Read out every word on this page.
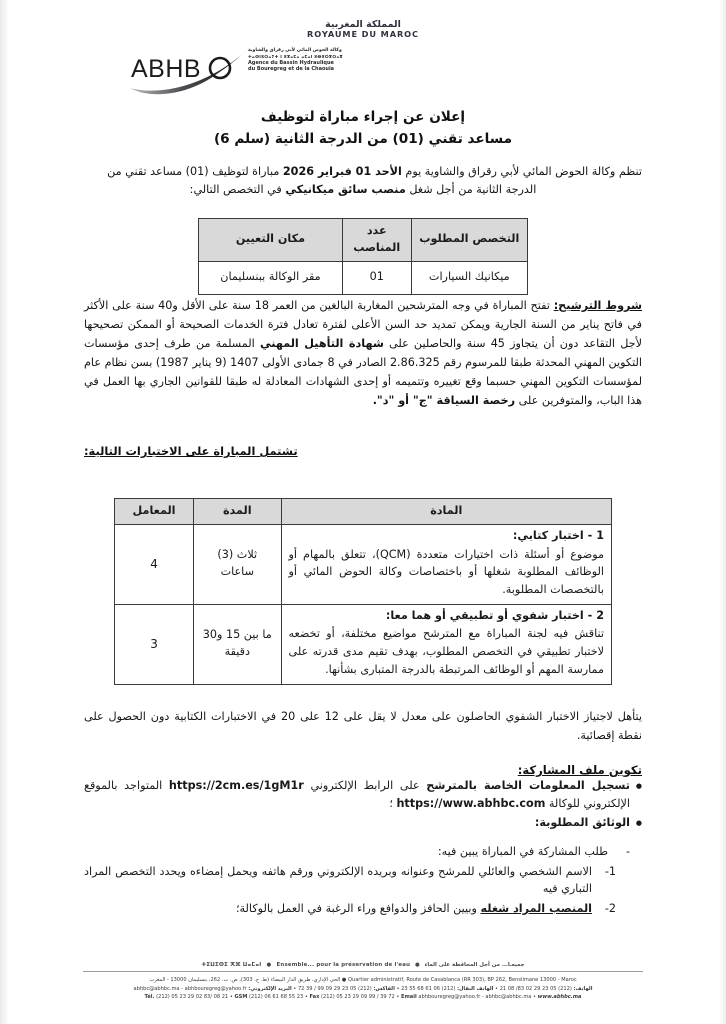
المملكة المغربية
ROYAUME DU MAROC
ABHB
وكالة الحوض المائي لأبي رقراق والشاوية
ⵜⴰⵙⵏⵓⵔⴰⵢⵜ ⵏ ⵓⴳⴰⵎⴰ ⴰⵎⴰⵏ ⵓⴱⵓⵔⴳⵔⴰⴳ
Agence du Bassin Hydraulique
du Bouregreg et de la Chaouia
إعلان عن إجراء مباراة لتوظيف
مساعد تقني (01) من الدرجة الثانية (سلم 6)
تنظم وكالة الحوض المائي لأبي رقراق والشاوية يوم الأحد 01 فبراير 2026 مباراة لتوظيف (01) مساعد تقني من الدرجة الثانية من أجل شغل منصب سائق ميكانيكي في التخصص التالي:
التخصص المطلوب	عدد المناصب	مكان التعيين
ميكانيك السيارات	01	مقر الوكالة ببنسليمان
شروط الترشيح: تفتح المباراة في وجه المترشحين المغاربة البالغين من العمر 18 سنة على الأقل و40 سنة على الأكثر في فاتح يناير من السنة الجارية ويمكن تمديد حد السن الأعلى لفترة تعادل فترة الخدمات الصحيحة أو الممكن تصحيحها لأجل التقاعد دون أن يتجاوز 45 سنة والحاصلين على شهادة التأهيل المهني المسلمة من طرف إحدى مؤسسات التكوين المهني المحدثة طبقا للمرسوم رقم 2.86.325 الصادر في 8 جمادى الأولى 1407 (9 يناير 1987) بسن نظام عام لمؤسسات التكوين المهني حسبما وقع تغييره وتتميمه أو إحدى الشهادات المعادلة له طبقا للقوانين الجاري بها العمل في هذا الباب، والمتوفرين على رخصة السياقة "ج" أو "د".
تشتمل المباراة على الاختبارات التالية:
المادة	المدة	المعامل

1 - اختبار كتابي:
موضوع أو أسئلة ذات اختيارات متعددة (QCM)، تتعلق بالمهام أو الوظائف المطلوبة شغلها أو باختصاصات وكالة الحوض المائي أو بالتخصصات المطلوبة.	ثلاث (3) ساعات	4

2 - اختبار شفوي أو تطبيقي أو هما معا:
تناقش فيه لجنة المباراة مع المترشح مواضيع مختلفة، أو تخضعه لاختبار تطبيقي في التخصص المطلوب، بهدف تقيم مدى قدرته على ممارسة المهم أو الوظائف المرتبطة بالدرجة المتبارى بشأنها.	ما بين 15 و30 دقيقة	3
يتأهل لاجتياز الاختبار الشفوي الحاصلون على معدل لا يقل على 12 على 20 في الاختبارات الكتابية دون الحصول على نقطة إقصائية.
تكوين ملف المشاركة:
● تسجيل المعلومات الخاصة بالمترشح على الرابط الإلكتروني https://2cm.es/1gM1r المتواجد بالموقع الإلكتروني للوكالة https://www.abhbc.com ؛
● الوثائق المطلوبة:
-
طلب المشاركة في المباراة يبين فيه:
1-
الاسم الشخصي والعائلي للمرشح وعنوانه وبريده الإلكتروني ورقم هاتفه ويحمل إمضاءه ويحدد التخصص المراد التباري فيه
2-
المنصب المراد شغله وبيين الحافز والدوافع وراء الرغبة في العمل بالوكالة؛
جميعـا... من أجل المحافظة على الماء ● ⵜⵉⵡⵉⵙⵉ ⵅⴼ ⵡⴰⵎⴰⵏ ● Ensemble... pour la préservation de l'eau
Quartier administratif, Route de Casablanca (RR 303), BP 262, Benslimane 13000 - Maroc ● الحي الإداري، طريق الدار البيضاء (ط. ج. 303)، ص. ب. 262، بنسليمان 13000 - المغرب
الهاتف: (212) 05 23 29 02 83/ 08 21 • الهاتف النقال: (212) 06 61 68 55 23 • الفاكس: (212) 05 23 29 09 99 / 39 72 • البريد الإلكتروني: abhbc@abhbc.ma - abhbouregreg@yahoo.fr
Tél. (212) 05 23 29 02 83/ 08 21 • GSM (212) 06 61 68 55 23 • Fax (212) 05 23 29 09 99 / 39 72 • Email abhbouregreg@yahoo.fr - abhbc@abhbc.ma • www.abhbc.ma
